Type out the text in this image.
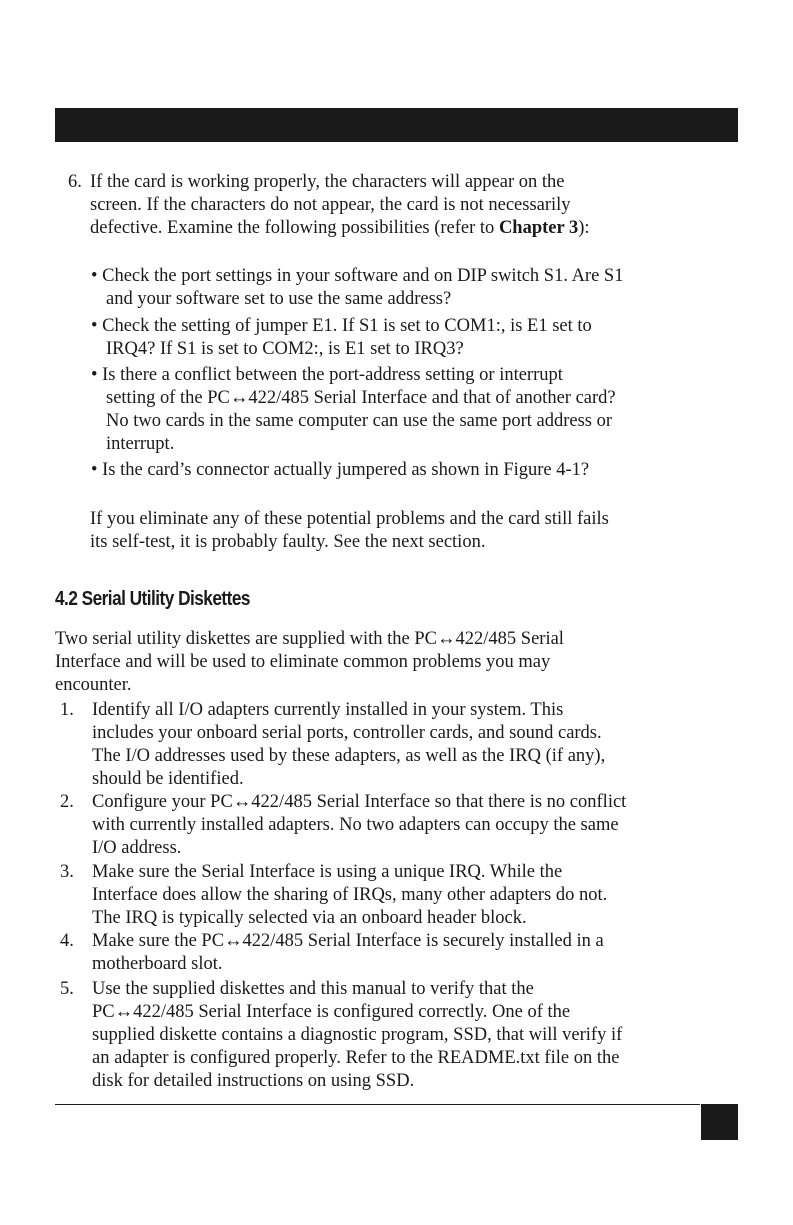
6. If the card is working properly, the characters will appear on the
screen. If the characters do not appear, the card is not necessarily
defective. Examine the following possibilities (refer to Chapter 3):
• Check the port settings in your software and on DIP switch S1. Are S1
and your software set to use the same address?
• Check the setting of jumper E1. If S1 is set to COM1:, is E1 set to
IRQ4? If S1 is set to COM2:, is E1 set to IRQ3?
• Is there a conflict between the port-address setting or interrupt
setting of the PC↔422/485 Serial Interface and that of another card?
No two cards in the same computer can use the same port address or
interrupt.
• Is the card’s connector actually jumpered as shown in Figure 4-1?
If you eliminate any of these potential problems and the card still fails
its self-test, it is probably faulty. See the next section.
4.2 Serial Utility Diskettes
Two serial utility diskettes are supplied with the PC↔422/485 Serial
Interface and will be used to eliminate common problems you may
encounter.
1. Identify all I/O adapters currently installed in your system. This
includes your onboard serial ports, controller cards, and sound cards.
The I/O addresses used by these adapters, as well as the IRQ (if any),
should be identified.
2. Configure your PC↔422/485 Serial Interface so that there is no conflict
with currently installed adapters. No two adapters can occupy the same
I/O address.
3. Make sure the Serial Interface is using a unique IRQ. While the
Interface does allow the sharing of IRQs, many other adapters do not.
The IRQ is typically selected via an onboard header block.
4. Make sure the PC↔422/485 Serial Interface is securely installed in a
motherboard slot.
5. Use the supplied diskettes and this manual to verify that the
PC↔422/485 Serial Interface is configured correctly. One of the
supplied diskette contains a diagnostic program, SSD, that will verify if
an adapter is configured properly. Refer to the README.txt file on the
disk for detailed instructions on using SSD.
